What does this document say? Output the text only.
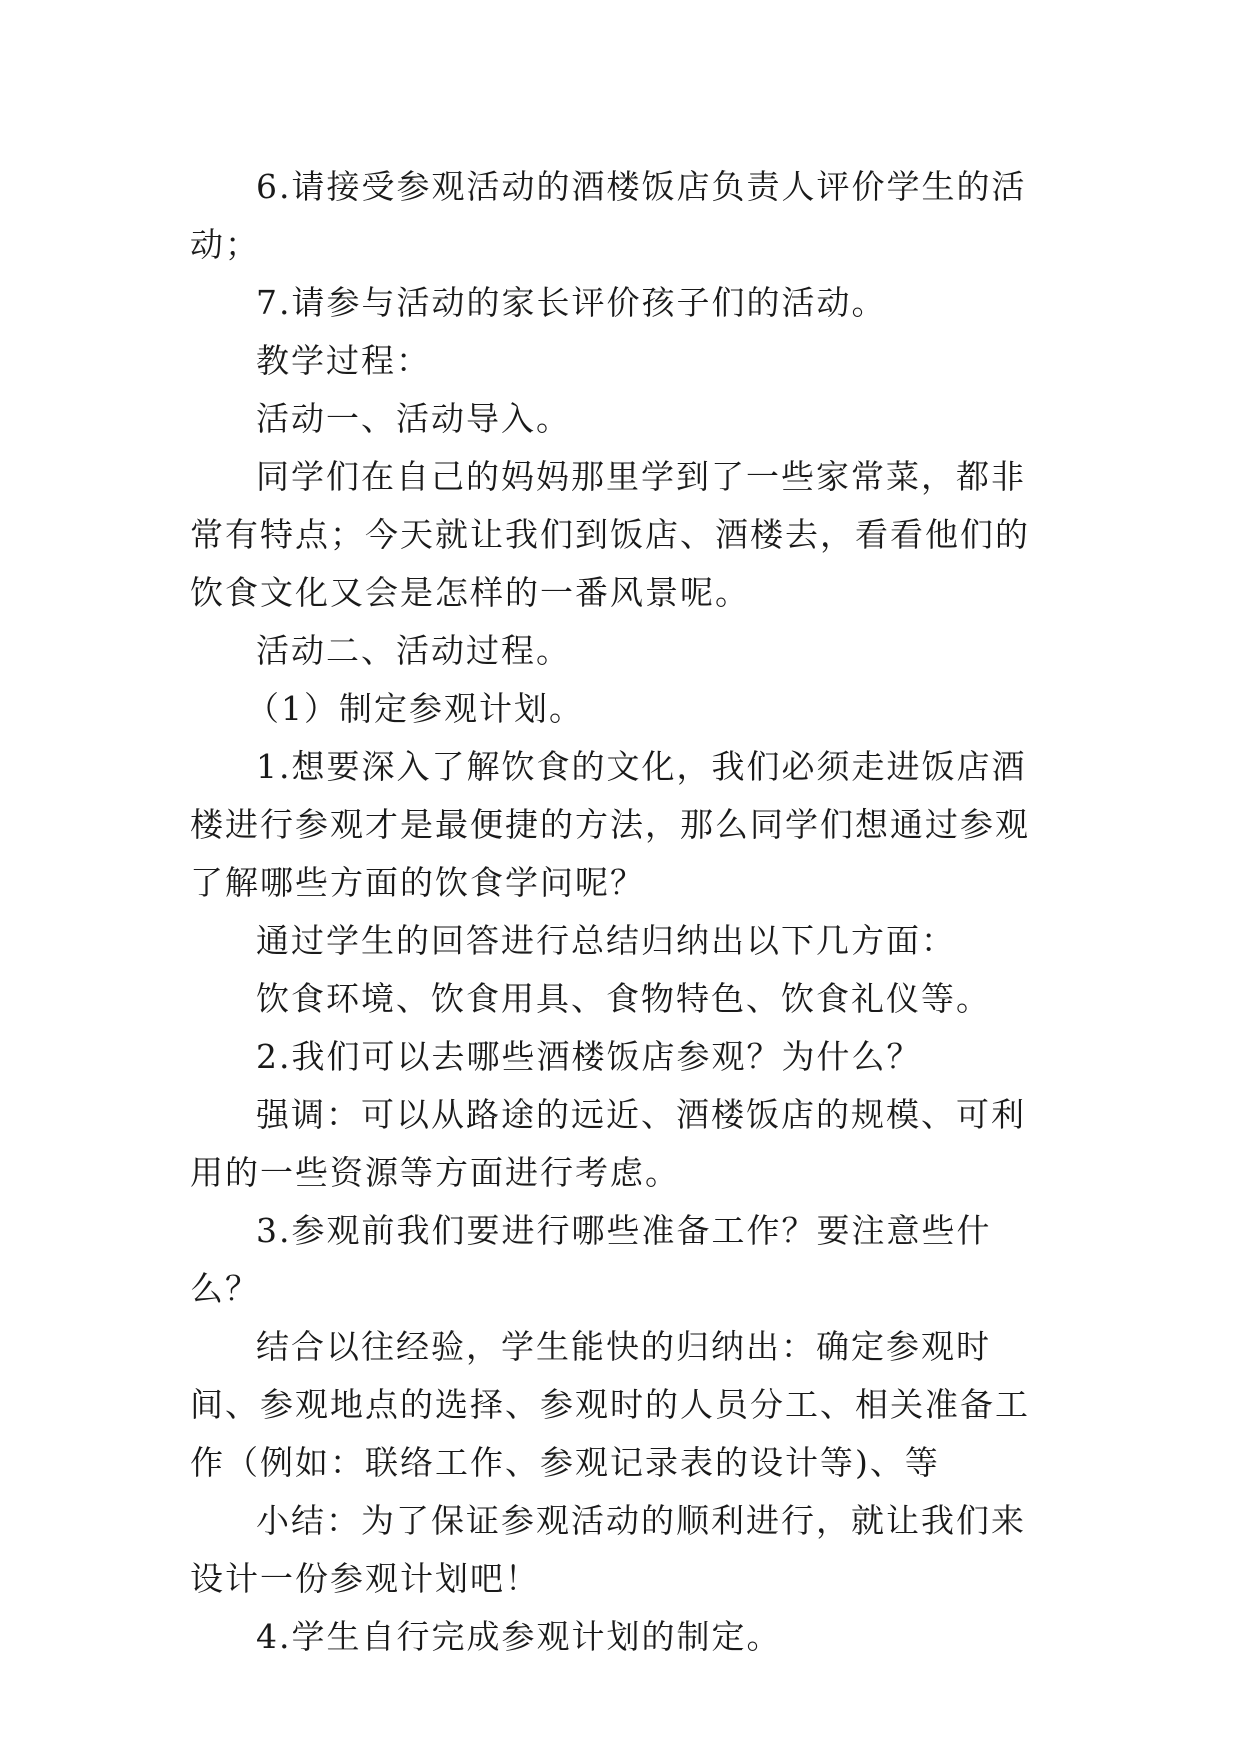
6.请接受参观活动的酒楼饭店负责人评价学生的活动；

7.请参与活动的家长评价孩子们的活动。

教学过程：

活动一、活动导入。

同学们在自己的妈妈那里学到了一些家常菜，都非常有特点；今天就让我们到饭店、酒楼去，看看他们的饮食文化又会是怎样的一番风景呢。

活动二、活动过程。

（1）制定参观计划。

1.想要深入了解饮食的文化，我们必须走进饭店酒楼进行参观才是最便捷的方法，那么同学们想通过参观了解哪些方面的饮食学问呢？

通过学生的回答进行总结归纳出以下几方面：

饮食环境、饮食用具、食物特色、饮食礼仪等。

2.我们可以去哪些酒楼饭店参观？为什么？

强调：可以从路途的远近、酒楼饭店的规模、可利用的一些资源等方面进行考虑。

3.参观前我们要进行哪些准备工作？要注意些什么？

结合以往经验，学生能快的归纳出：确定参观时间、参观地点的选择、参观时的人员分工、相关准备工作（例如：联络工作、参观记录表的设计等)、等

小结：为了保证参观活动的顺利进行，就让我们来设计一份参观计划吧！

4.学生自行完成参观计划的制定。
